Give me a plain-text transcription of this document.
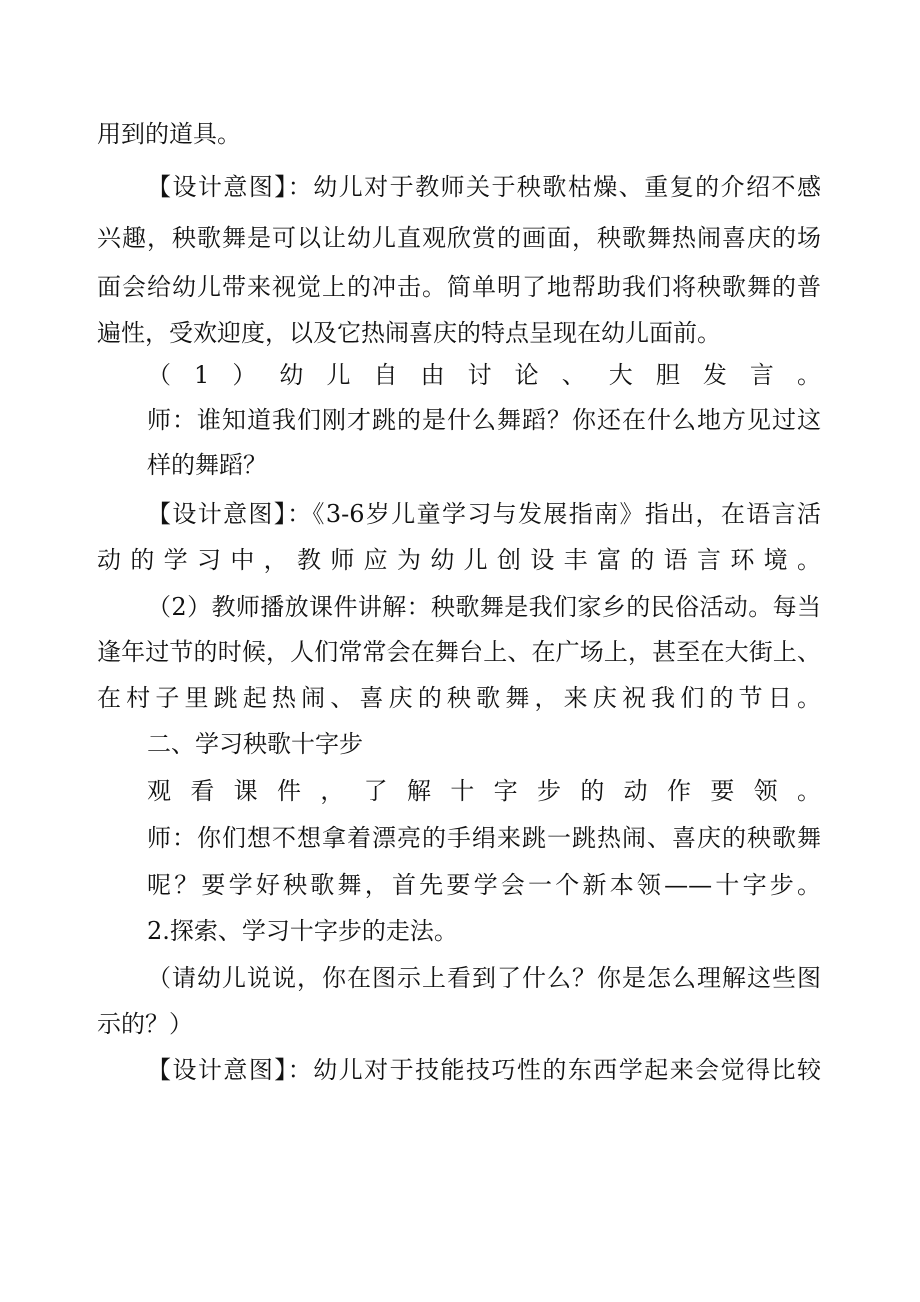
用到的道具。
【设计意图】：幼儿对于教师关于秧歌枯燥、重复的介绍不感
兴趣，秧歌舞是可以让幼儿直观欣赏的画面，秧歌舞热闹喜庆的场
面会给幼儿带来视觉上的冲击。简单明了地帮助我们将秧歌舞的普
遍性，受欢迎度，以及它热闹喜庆的特点呈现在幼儿面前。
（1）幼儿自由讨论、大胆发言。
师：谁知道我们刚才跳的是什么舞蹈？你还在什么地方见过这
样的舞蹈？
【设计意图】：《3-6岁儿童学习与发展指南》指出，在语言活
动的学习中，教师应为幼儿创设丰富的语言环境。
（2）教师播放课件讲解：秧歌舞是我们家乡的民俗活动。每当
逢年过节的时候，人们常常会在舞台上、在广场上，甚至在大街上、
在村子里跳起热闹、喜庆的秧歌舞，来庆祝我们的节日。
二、学习秧歌十字步
观看课件，了解十字步的动作要领。
师：你们想不想拿着漂亮的手绢来跳一跳热闹、喜庆的秧歌舞
呢？要学好秧歌舞，首先要学会一个新本领——十字步。
2.探索、学习十字步的走法。
（请幼儿说说，你在图示上看到了什么？你是怎么理解这些图
示的？）
【设计意图】：幼儿对于技能技巧性的东西学起来会觉得比较
